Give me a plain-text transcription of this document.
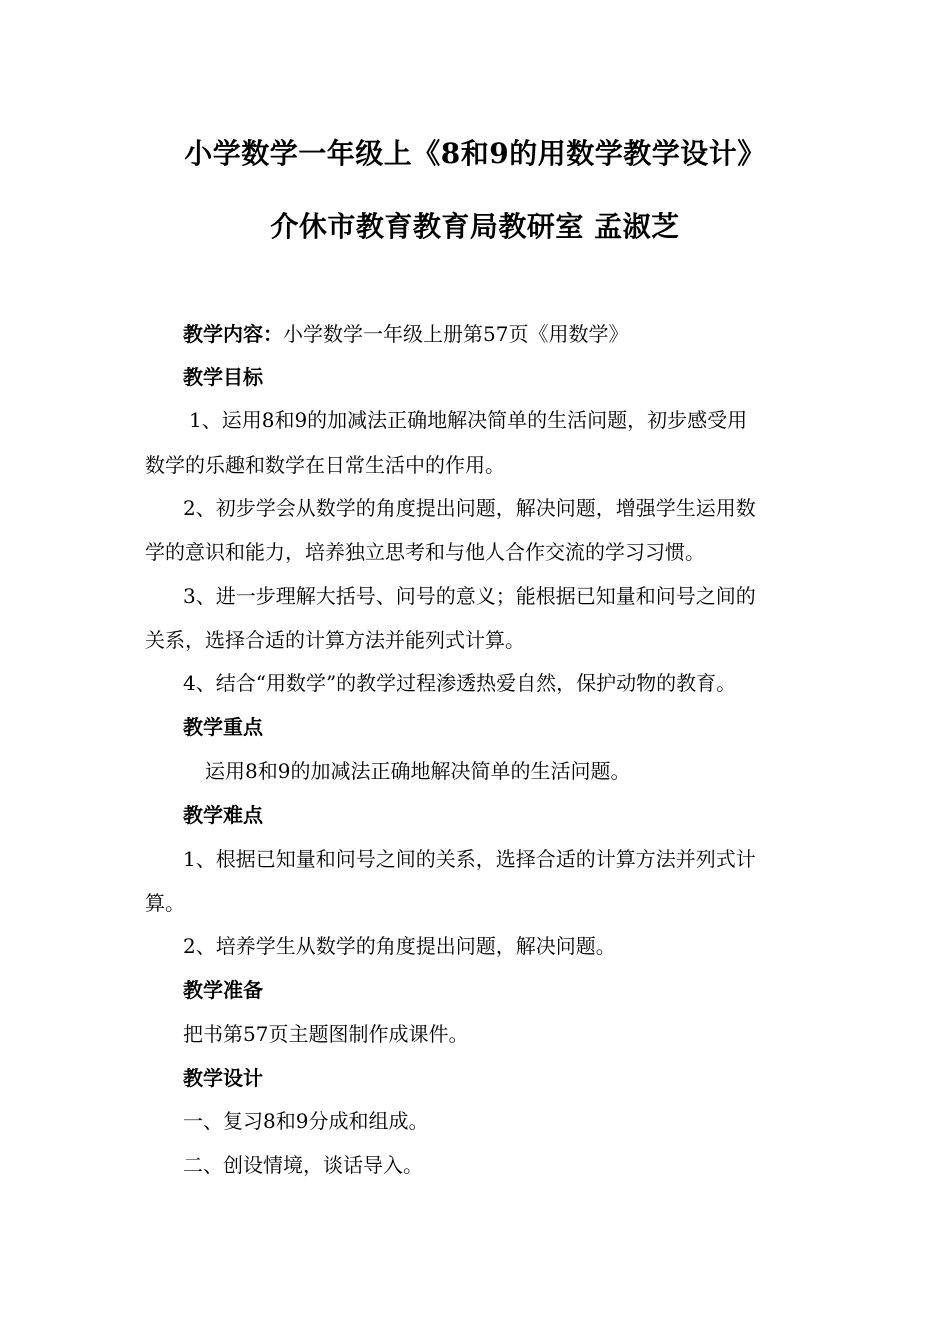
小学数学一年级上《8和9的用数学教学设计》
介休市教育教育局教研室 孟淑芝
教学内容：小学数学一年级上册第57页《用数学》
教学目标
1、运用8和9的加减法正确地解决简单的生活问题，初步感受用
数学的乐趣和数学在日常生活中的作用。
2、初步学会从数学的角度提出问题，解决问题，增强学生运用数
学的意识和能力，培养独立思考和与他人合作交流的学习习惯。
3、进一步理解大括号、问号的意义；能根据已知量和问号之间的
关系，选择合适的计算方法并能列式计算。
4、结合“用数学”的教学过程渗透热爱自然，保护动物的教育。
教学重点
运用8和9的加减法正确地解决简单的生活问题。
教学难点
1、根据已知量和问号之间的关系，选择合适的计算方法并列式计
算。
2、培养学生从数学的角度提出问题，解决问题。
教学准备
把书第57页主题图制作成课件。
教学设计
一、复习8和9分成和组成。
二、创设情境，谈话导入。
